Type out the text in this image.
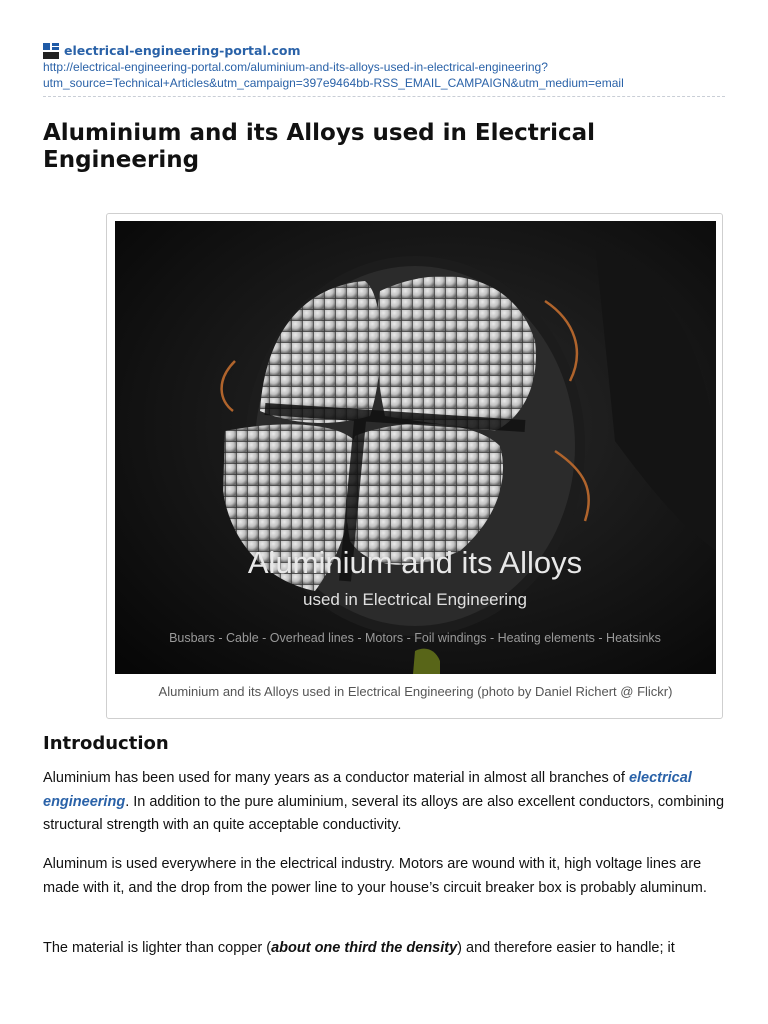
electrical-engineering-portal.com
http://electrical-engineering-portal.com/aluminium-and-its-alloys-used-in-electrical-engineering?
utm_source=Technical+Articles&utm_campaign=397e9464bb-RSS_EMAIL_CAMPAIGN&utm_medium=email
Aluminium and its Alloys used in Electrical Engineering
Aluminium and its Alloys
used in Electrical Engineering
Busbars - Cable - Overhead lines - Motors - Foil windings - Heating elements - Heatsinks
Aluminium and its Alloys used in Electrical Engineering (photo by Daniel Richert @ Flickr)
Introduction

Aluminium has been used for many years as a conductor material in almost all branches of electrical engineering. In addition to the pure aluminium, several its alloys are also excellent conductors, combining structural strength with an quite acceptable conductivity.

Aluminum is used everywhere in the electrical industry. Motors are wound with it, high voltage lines are made with it, and the drop from the power line to your house’s circuit breaker box is probably aluminum.

The material is lighter than copper (about one third the density) and therefore easier to handle; it
